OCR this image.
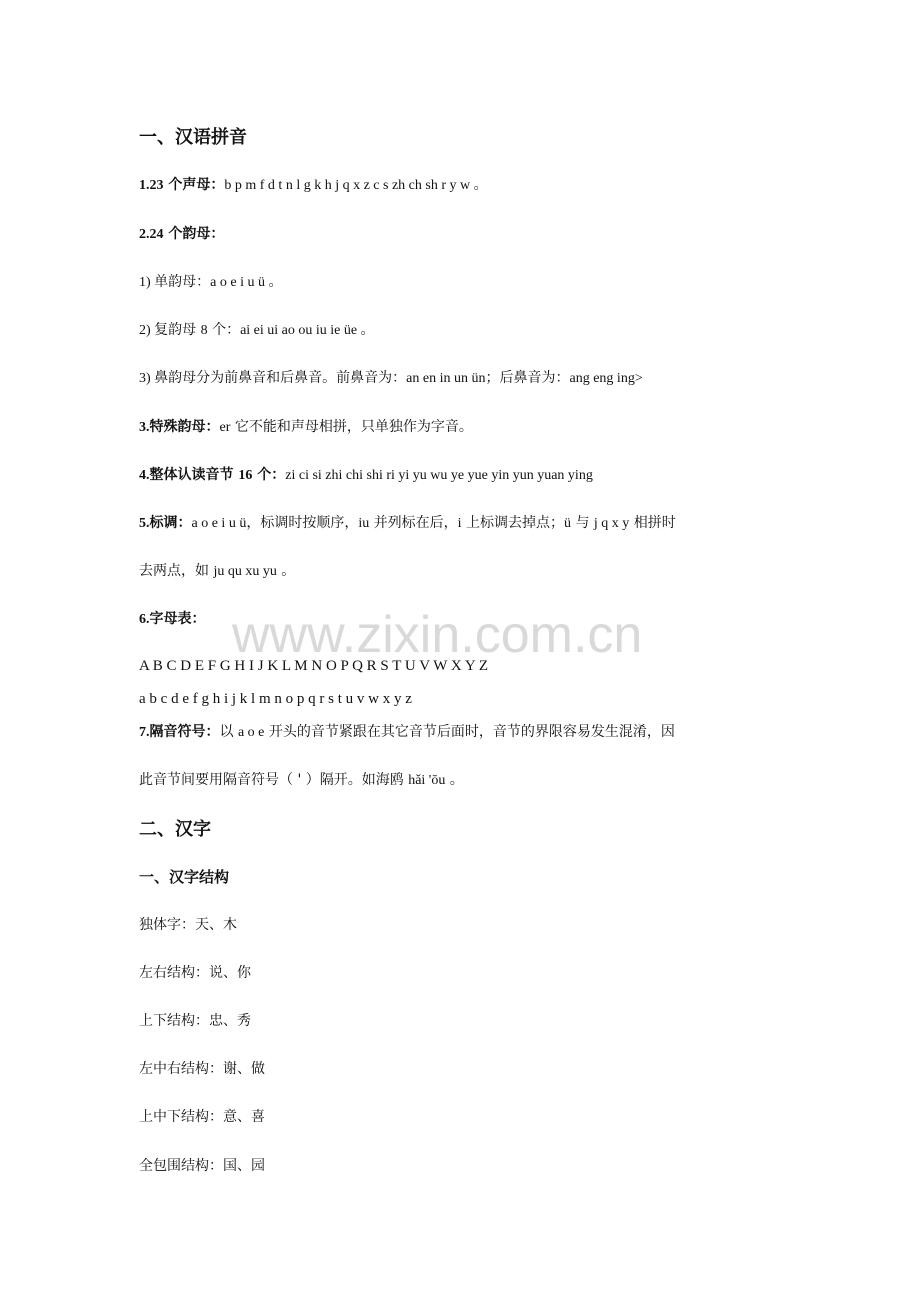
一、汉语拼音
1.23 个声母：b p m f d t n l g k h j q x z c s zh ch sh r y w 。
2.24 个韵母：
1) 单韵母：a o e i u ü 。
2) 复韵母 8 个：ai ei ui ao ou iu ie üe 。
3) 鼻韵母分为前鼻音和后鼻音。前鼻音为：an en in un ün；后鼻音为：ang eng ing>
3.特殊韵母：er 它不能和声母相拼，只单独作为字音。
4.整体认读音节 16 个：zi ci si zhi chi shi ri yi yu wu ye yue yin yun yuan ying
5.标调：a o e i u ü，标调时按顺序，iu 并列标在后，i 上标调去掉点；ü 与 j q x y 相拼时
去两点，如 ju qu xu yu 。
6.字母表：
A B C D E F G H I J K L M N O P Q R S T U V W X Y Z
a b c d e f g h i j k l m n o p q r s t u v w x y z
7.隔音符号：以 a o e 开头的音节紧跟在其它音节后面时，音节的界限容易发生混淆，因
此音节间要用隔音符号（ ' ）隔开。如海鸥 hǎi 'ōu 。
二、汉字
一、汉字结构
独体字：天、木
左右结构：说、你
上下结构：忠、秀
左中右结构：谢、做
上中下结构：意、喜
全包围结构：国、园
www.zixin.com.cn
